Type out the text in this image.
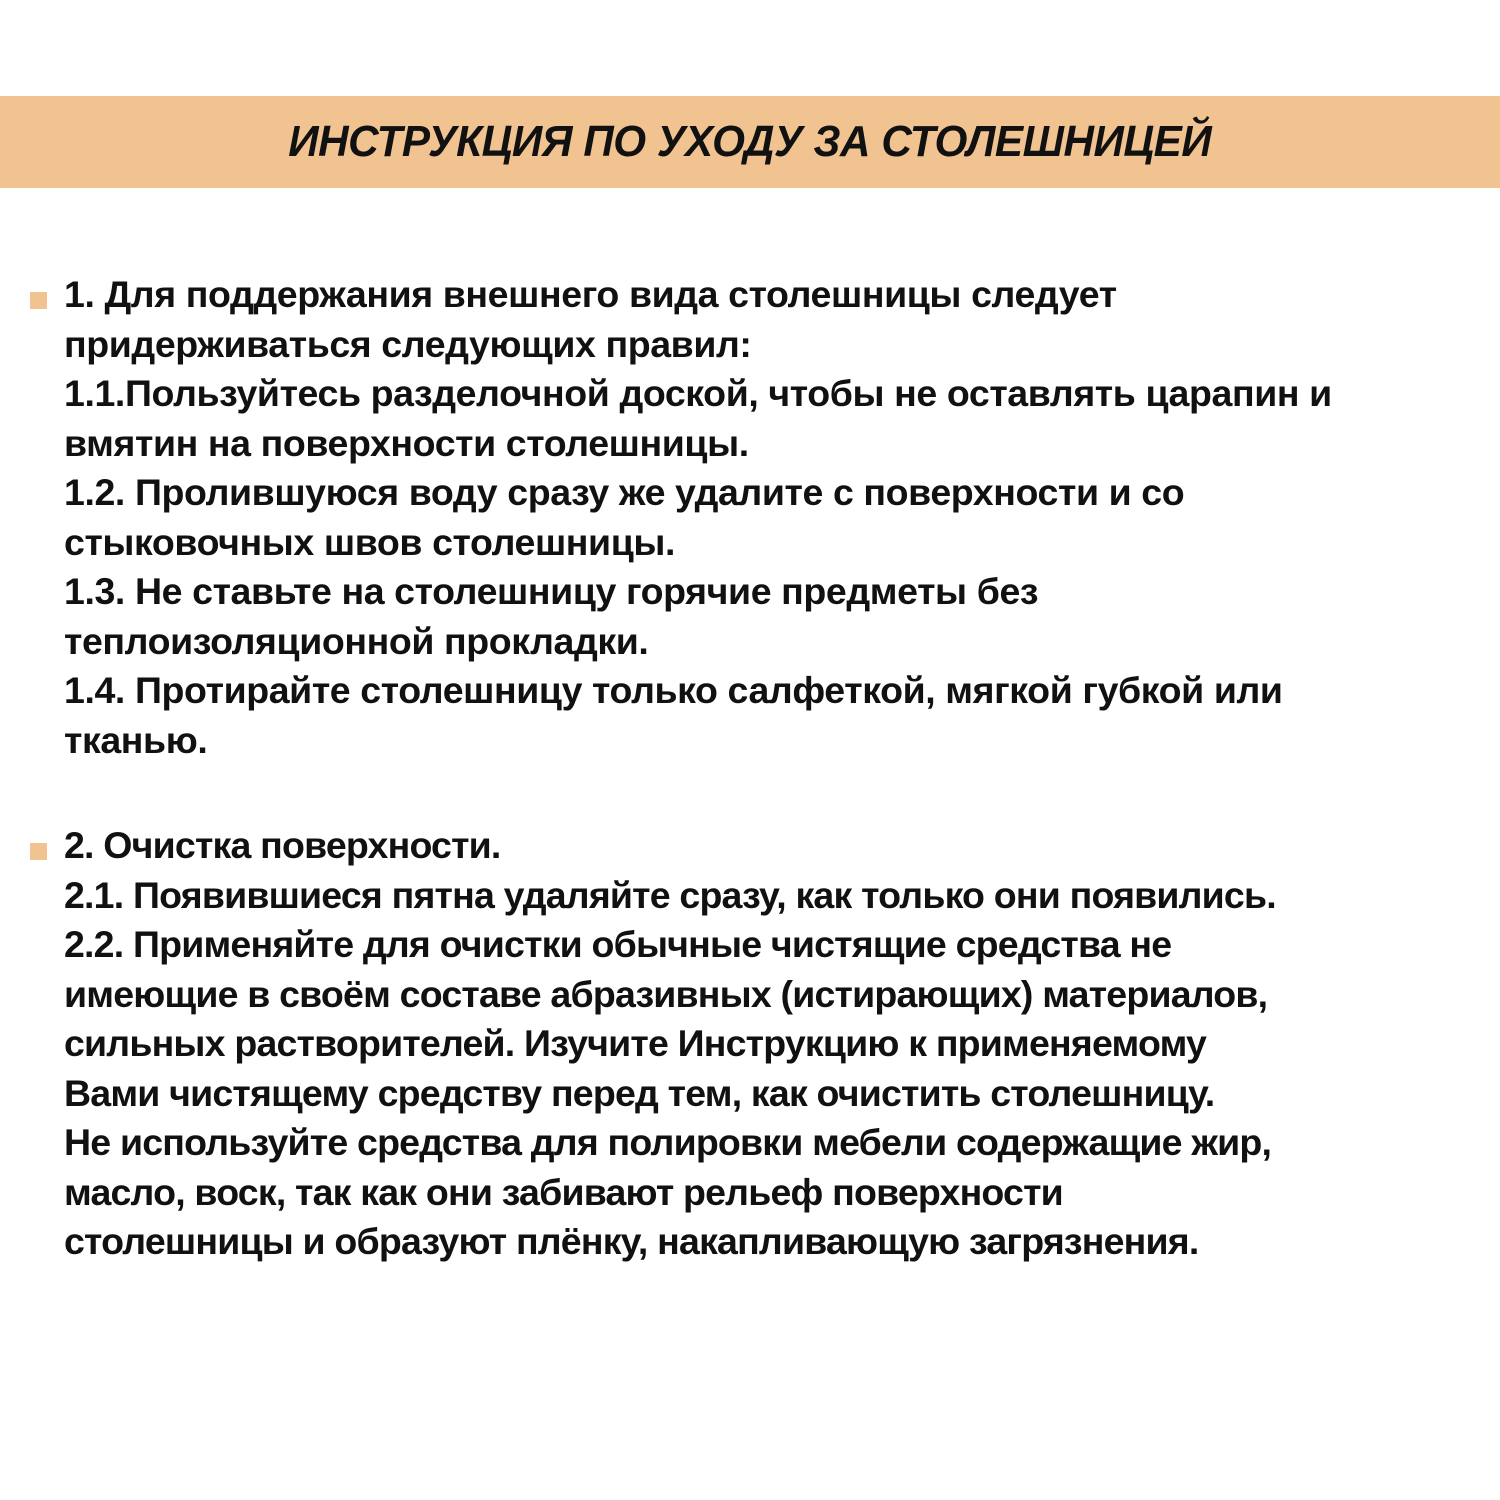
ИНСТРУКЦИЯ ПО УХОДУ ЗА СТОЛЕШНИЦЕЙ
1. Для поддержания внешнего вида столешницы следует
придерживаться следующих правил:
1.1.Пользуйтесь разделочной доской, чтобы не оставлять царапин и
вмятин на поверхности столешницы.
1.2. Пролившуюся воду сразу же удалите с поверхности и со
стыковочных швов столешницы.
1.3. Не ставьте на столешницу горячие предметы без
теплоизоляционной прокладки.
1.4. Протирайте столешницу только салфеткой, мягкой губкой или
тканью.
2. Очистка поверхности.
2.1. Появившиеся пятна удаляйте сразу, как только они появились.
2.2. Применяйте для очистки обычные чистящие средства не
имеющие в своём составе абразивных (истирающих) материалов,
сильных растворителей. Изучите Инструкцию к применяемому
Вами чистящему средству перед тем, как очистить столешницу.
Не используйте средства для полировки мебели содержащие жир,
масло, воск, так как они забивают рельеф поверхности
столешницы и образуют плёнку, накапливающую загрязнения.
